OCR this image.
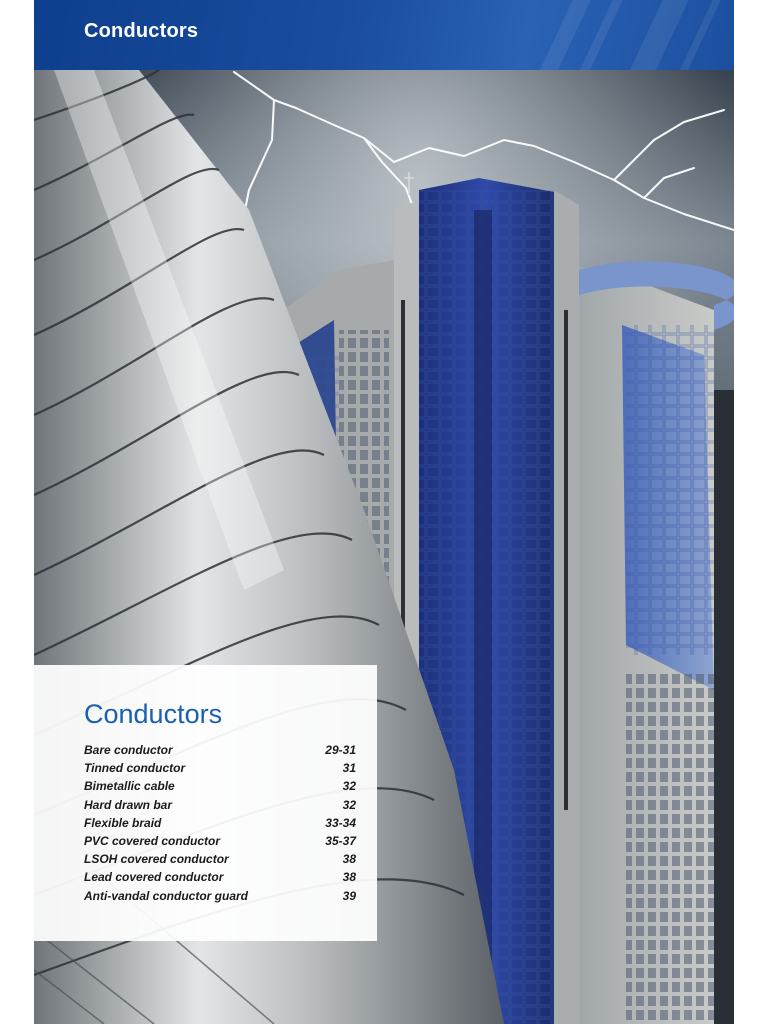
Conductors
Conductors
Bare conductor	29-31
Tinned conductor	31
Bimetallic cable	32
Hard drawn bar	32
Flexible braid	33-34
PVC covered conductor	35-37
LSOH covered conductor	38
Lead covered conductor	38
Anti-vandal conductor guard	39
